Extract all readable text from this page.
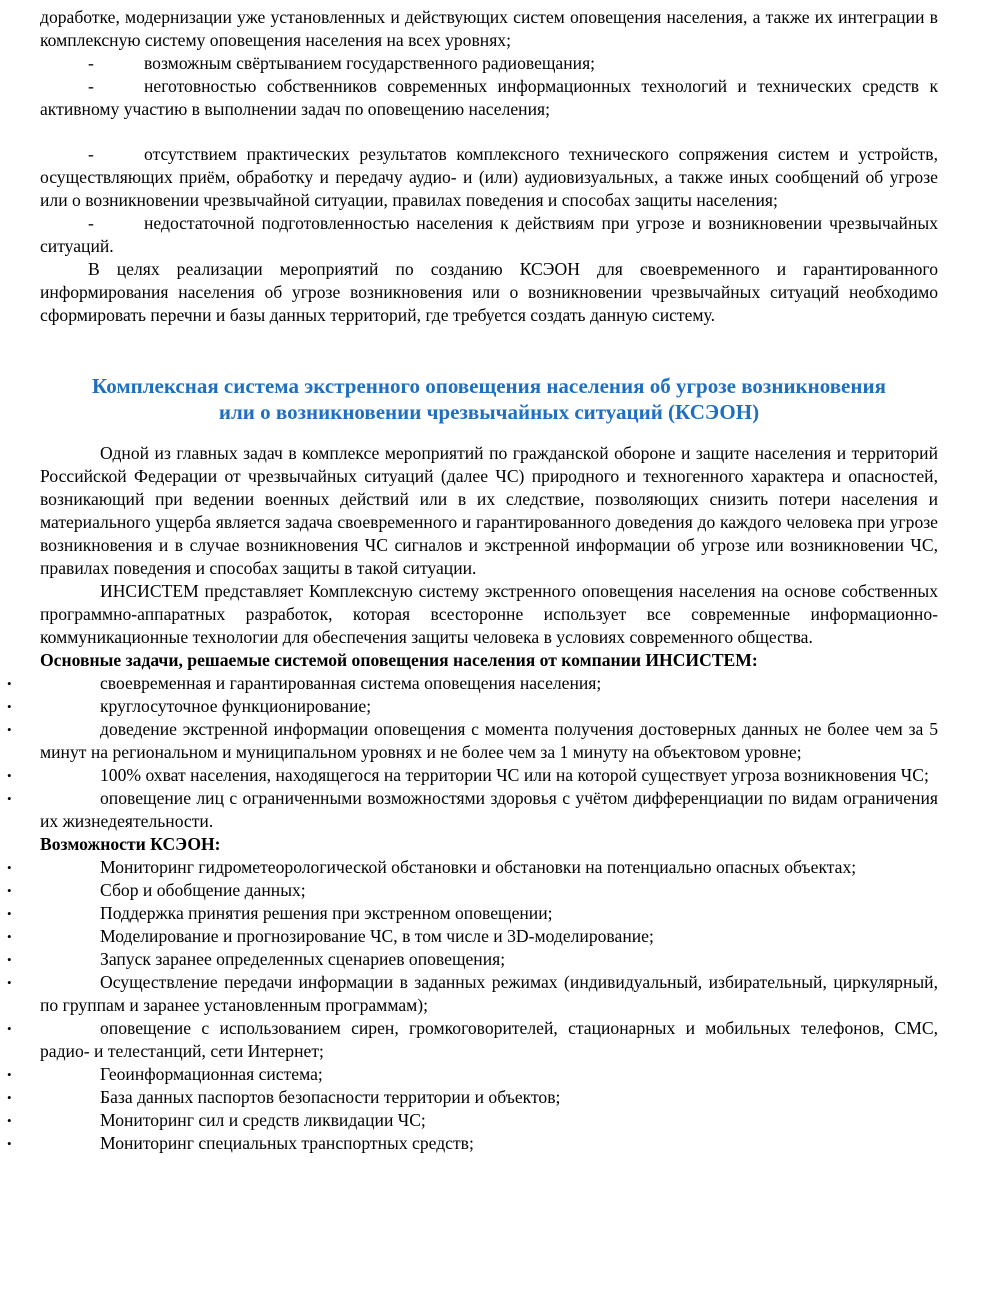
доработке, модернизации уже установленных и действующих систем оповещения населения, а также их интеграции в комплексную систему оповещения населения на всех уровнях;

-	возможным свёртыванием государственного радиовещания;

-	неготовностью собственников современных информационных технологий и технических средств к активному участию в выполнении задач по оповещению населения;

-	отсутствием практических результатов комплексного технического сопряжения систем и устройств, осуществляющих приём, обработку и передачу аудио- и (или) аудиовизуальных, а также иных сообщений об угрозе или о возникновении чрезвычайной ситуации, правилах поведения и способах защиты населения;

-	недостаточной подготовленностью населения к действиям при угрозе и возникновении чрезвычайных ситуаций.

В целях реализации мероприятий по созданию КСЭОН для своевременного и гарантированного информирования населения об угрозе возникновения или о возникновении чрезвычайных ситуаций необходимо сформировать перечни и базы данных территорий, где требуется создать данную систему.

Комплексная система экстренного оповещения населения об угрозе возникновения
или о возникновении чрезвычайных ситуаций (КСЭОН)

Одной из главных задач в комплексе мероприятий по гражданской обороне и защите населения и территорий Российской Федерации от чрезвычайных ситуаций (далее ЧС) природного и техногенного характера и опасностей, возникающий при ведении военных действий или в их следствие, позволяющих снизить потери населения и материального ущерба является задача своевременного и гарантированного доведения до каждого человека при угрозе возникновения и в случае возникновения ЧС сигналов и экстренной информации об угрозе или возникновении ЧС, правилах поведения и способах защиты в такой ситуации.

ИНСИСТЕМ представляет Комплексную систему экстренного оповещения населения на основе собственных программно-аппаратных разработок, которая всесторонне использует все современные информационно-коммуникационные технологии для обеспечения защиты человека в условиях современного общества.

Основные задачи, решаемые системой оповещения населения от компании ИНСИСТЕМ:

•	своевременная и гарантированная система оповещения населения;
•	круглосуточное функционирование;
•	доведение экстренной информации оповещения с момента получения достоверных данных не более чем за 5 минут на региональном и муниципальном уровнях и не более чем за 1 минуту на объектовом уровне;
•	100% охват населения, находящегося на территории ЧС или на которой существует угроза возникновения ЧС;
•	оповещение лиц с ограниченными возможностями здоровья с учётом дифференциации по видам ограничения их жизнедеятельности.

Возможности КСЭОН:

•	Мониторинг гидрометеорологической обстановки и обстановки на потенциально опасных объектах;
•	Сбор и обобщение данных;
•	Поддержка принятия решения при экстренном оповещении;
•	Моделирование и прогнозирование ЧС, в том числе и 3D-моделирование;
•	Запуск заранее определенных сценариев оповещения;
•	Осуществление передачи информации в заданных режимах (индивидуальный, избирательный, циркулярный, по группам и заранее установленным программам);
•	оповещение с использованием сирен, громкоговорителей, стационарных и мобильных телефонов, СМС, радио- и телестанций, сети Интернет;
•	Геоинформационная система;
•	База данных паспортов безопасности территории и объектов;
•	Мониторинг сил и средств ликвидации ЧС;
•	Мониторинг специальных транспортных средств;
